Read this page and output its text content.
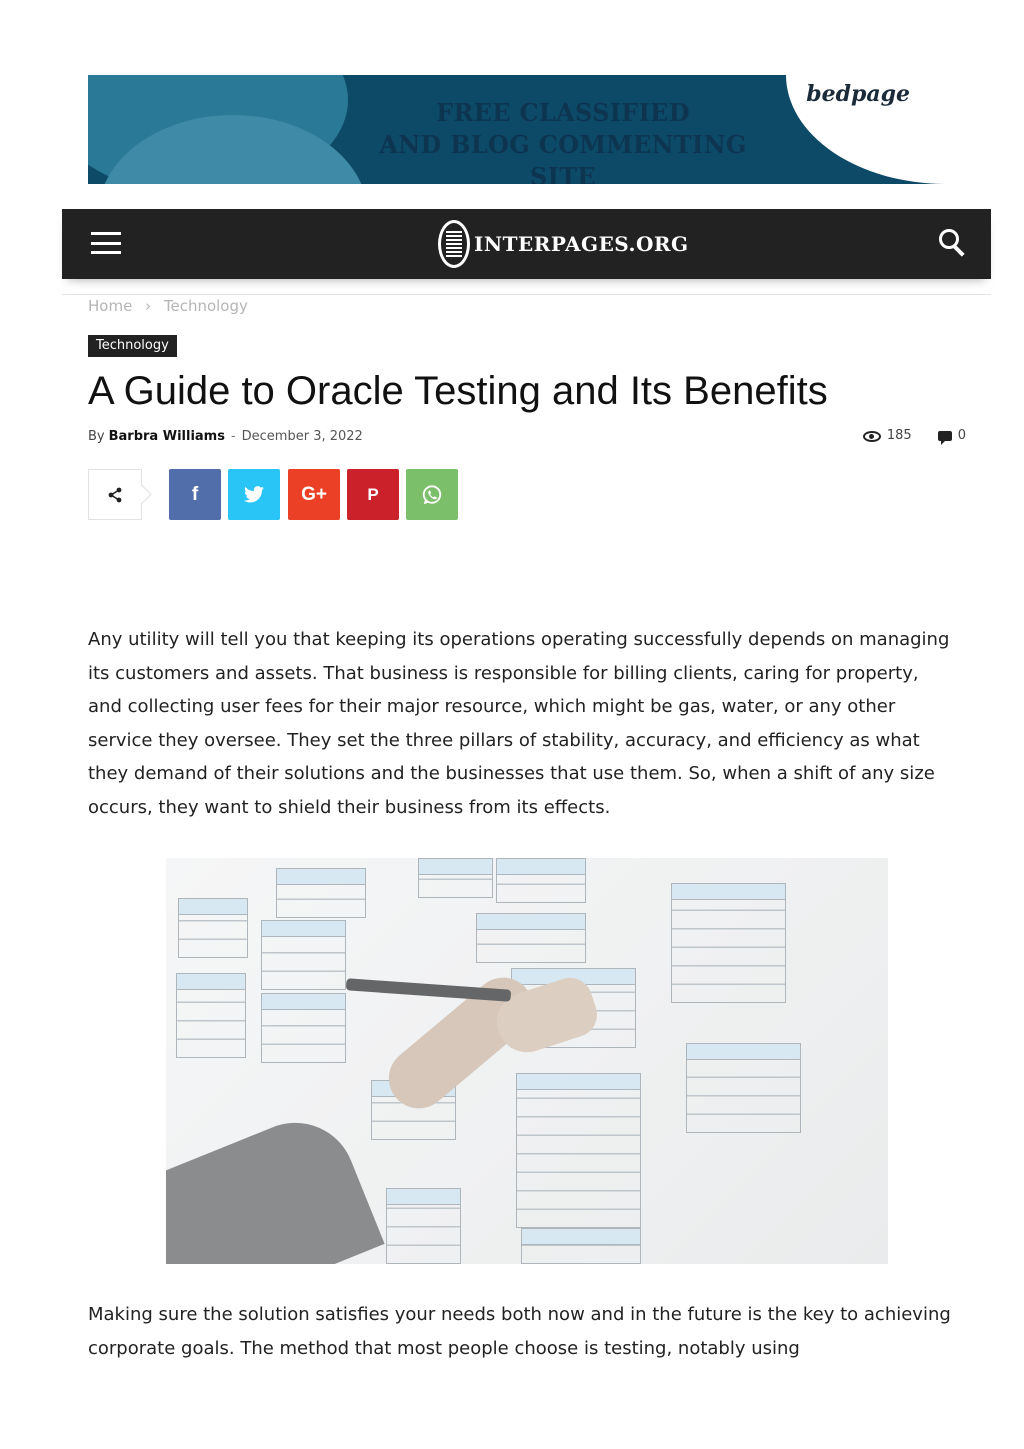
FREE CLASSIFIED
AND BLOG COMMENTING SITE
bedpage
INTERPAGES.ORG
Home › Technology
Technology
A Guide to Oracle Testing and Its Benefits
By Barbra Williams - December 3, 2022	185	0
f	G+ P

Any utility will tell you that keeping its operations operating successfully depends on managing its customers and assets. That business is responsible for billing clients, caring for property, and collecting user fees for their major resource, which might be gas, water, or any other service they oversee. They set the three pillars of stability, accuracy, and efficiency as what they demand of their solutions and the businesses that use them. So, when a shift of any size occurs, they want to shield their business from its effects.

Making sure the solution satisfies your needs both now and in the future is the key to achieving corporate goals. The method that most people choose is testing, notably using
